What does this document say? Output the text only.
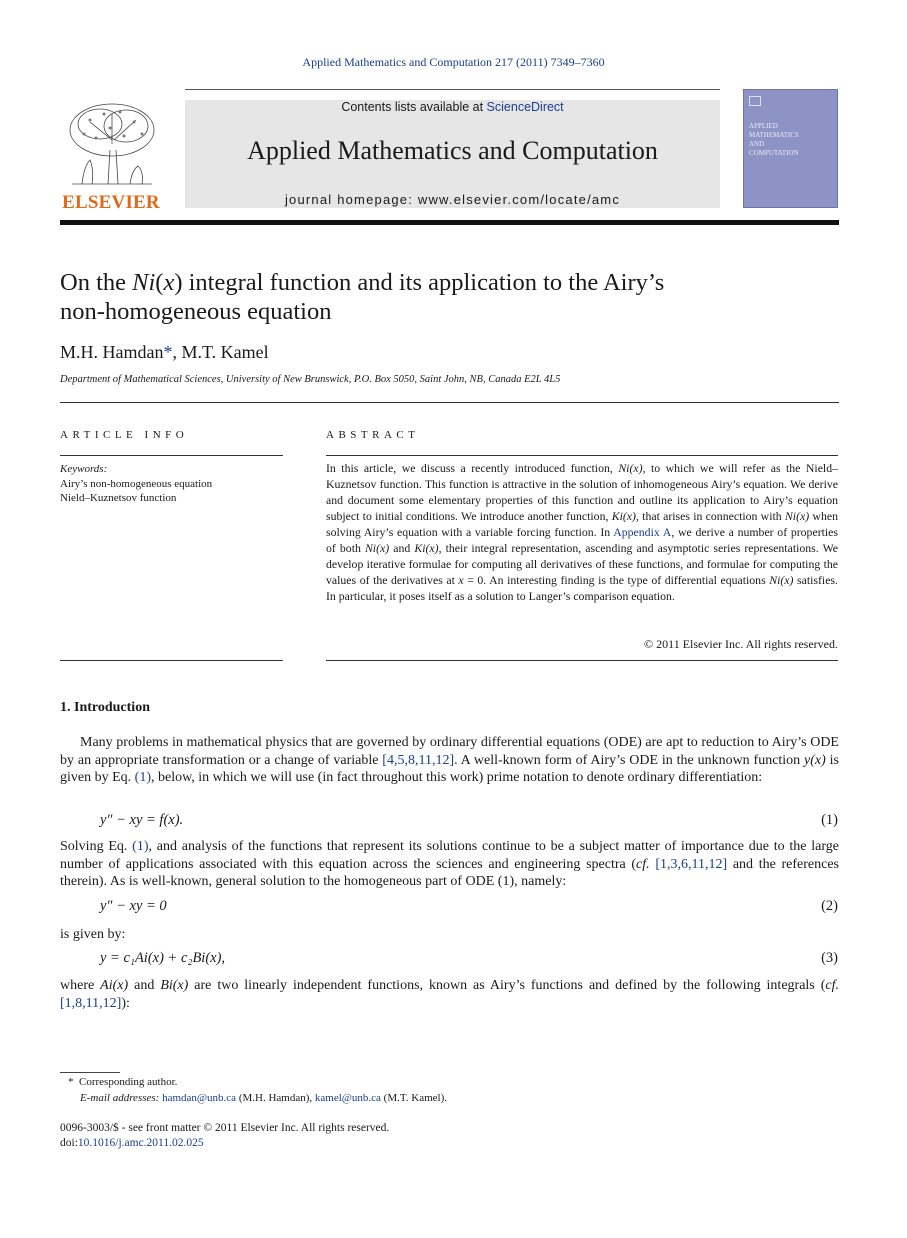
Applied Mathematics and Computation 217 (2011) 7349–7360
ELSEVIER
Contents lists available at ScienceDirect
Applied Mathematics and Computation
journal homepage: www.elsevier.com/locate/amc
APPLIED
MATHEMATICS
AND
COMPUTATION
On the Ni(x) integral function and its application to the Airy’s
non-homogeneous equation
M.H. Hamdan*, M.T. Kamel
Department of Mathematical Sciences, University of New Brunswick, P.O. Box 5050, Saint John, NB, Canada E2L 4L5
ARTICLE INFO
Keywords:
Airy’s non-homogeneous equation
Nield–Kuznetsov function
ABSTRACT

In this article, we discuss a recently introduced function, Ni(x), to which we will refer as the Nield–Kuznetsov function. This function is attractive in the solution of inhomogeneous Airy’s equation. We derive and document some elementary properties of this function and outline its application to Airy’s equation subject to initial conditions. We introduce another function, Ki(x), that arises in connection with Ni(x) when solving Airy’s equation with a variable forcing function. In Appendix A, we derive a number of properties of both Ni(x) and Ki(x), their integral representation, ascending and asymptotic series representations. We develop iterative formulae for computing all derivatives of these functions, and formulae for computing the values of the derivatives at x = 0. An interesting finding is the type of differential equations Ni(x) satisfies. In particular, it poses itself as a solution to Langer’s comparison equation.

© 2011 Elsevier Inc. All rights reserved.
1. Introduction

Many problems in mathematical physics that are governed by ordinary differential equations (ODE) are apt to reduction to Airy’s ODE by an appropriate transformation or a change of variable [4,5,8,11,12]. A well-known form of Airy’s ODE in the unknown function y(x) is given by Eq. (1), below, in which we will use (in fact throughout this work) prime notation to denote ordinary differentiation:

y″ − xy = f(x).	(1)

Solving Eq. (1), and analysis of the functions that represent its solutions continue to be a subject matter of importance due to the large number of applications associated with this equation across the sciences and engineering spectra (cf. [1,3,6,11,12] and the references therein). As is well-known, general solution to the homogeneous part of ODE (1), namely:

y″ − xy = 0	(2)

is given by:

y = c₁Ai(x) + c₂Bi(x),	(3)

where Ai(x) and Bi(x) are two linearly independent functions, known as Airy’s functions and defined by the following integrals (cf. [1,8,11,12]):

* Corresponding author.
E-mail addresses: hamdan@unb.ca (M.H. Hamdan), kamel@unb.ca (M.T. Kamel).
0096-3003/$ - see front matter © 2011 Elsevier Inc. All rights reserved.
doi:10.1016/j.amc.2011.02.025
